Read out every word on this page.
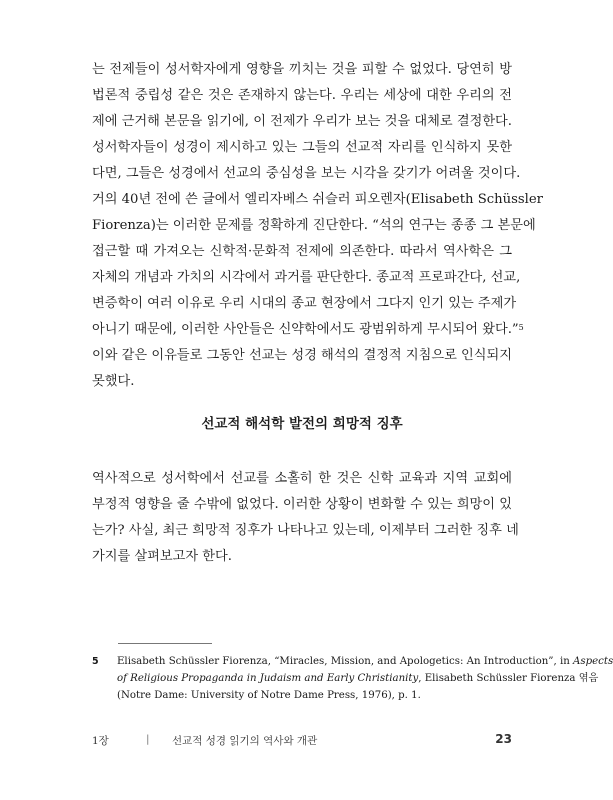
는 전제들이 성서학자에게 영향을 끼치는 것을 피할 수 없었다. 당연히 방
법론적 중립성 같은 것은 존재하지 않는다. 우리는 세상에 대한 우리의 전
제에 근거해 본문을 읽기에, 이 전제가 우리가 보는 것을 대체로 결정한다.
성서학자들이 성경이 제시하고 있는 그들의 선교적 자리를 인식하지 못한
다면, 그들은 성경에서 선교의 중심성을 보는 시각을 갖기가 어려울 것이다.
거의 40년 전에 쓴 글에서 엘리자베스 쉬슬러 피오렌자(Elisabeth Schüssler
Fiorenza)는 이러한 문제를 정확하게 진단한다. “석의 연구는 종종 그 본문에
접근할 때 가져오는 신학적·문화적 전제에 의존한다. 따라서 역사학은 그
자체의 개념과 가치의 시각에서 과거를 판단한다. 종교적 프로파간다, 선교,
변증학이 여러 이유로 우리 시대의 종교 현장에서 그다지 인기 있는 주제가
아니기 때문에, 이러한 사안들은 신약학에서도 광범위하게 무시되어 왔다.”$^5$
이와 같은 이유들로 그동안 선교는 성경 해석의 결정적 지침으로 인식되지
못했다.
선교적 해석학 발전의 희망적 징후
역사적으로 성서학에서 선교를 소홀히 한 것은 신학 교육과 지역 교회에
부정적 영향을 줄 수밖에 없었다. 이러한 상황이 변화할 수 있는 희망이 있
는가? 사실, 최근 희망적 징후가 나타나고 있는데, 이제부터 그러한 징후 네
가지를 살펴보고자 한다.
5 Elisabeth Schüssler Fiorenza, “Miracles, Mission, and Apologetics: An Introduction”, in Aspects
of Religious Propaganda in Judaism and Early Christianity, Elisabeth Schüssler Fiorenza 엮음
(Notre Dame: University of Notre Dame Press, 1976), p. 1.
1장	| 선교적 성경 읽기의 역사와 개관	23
